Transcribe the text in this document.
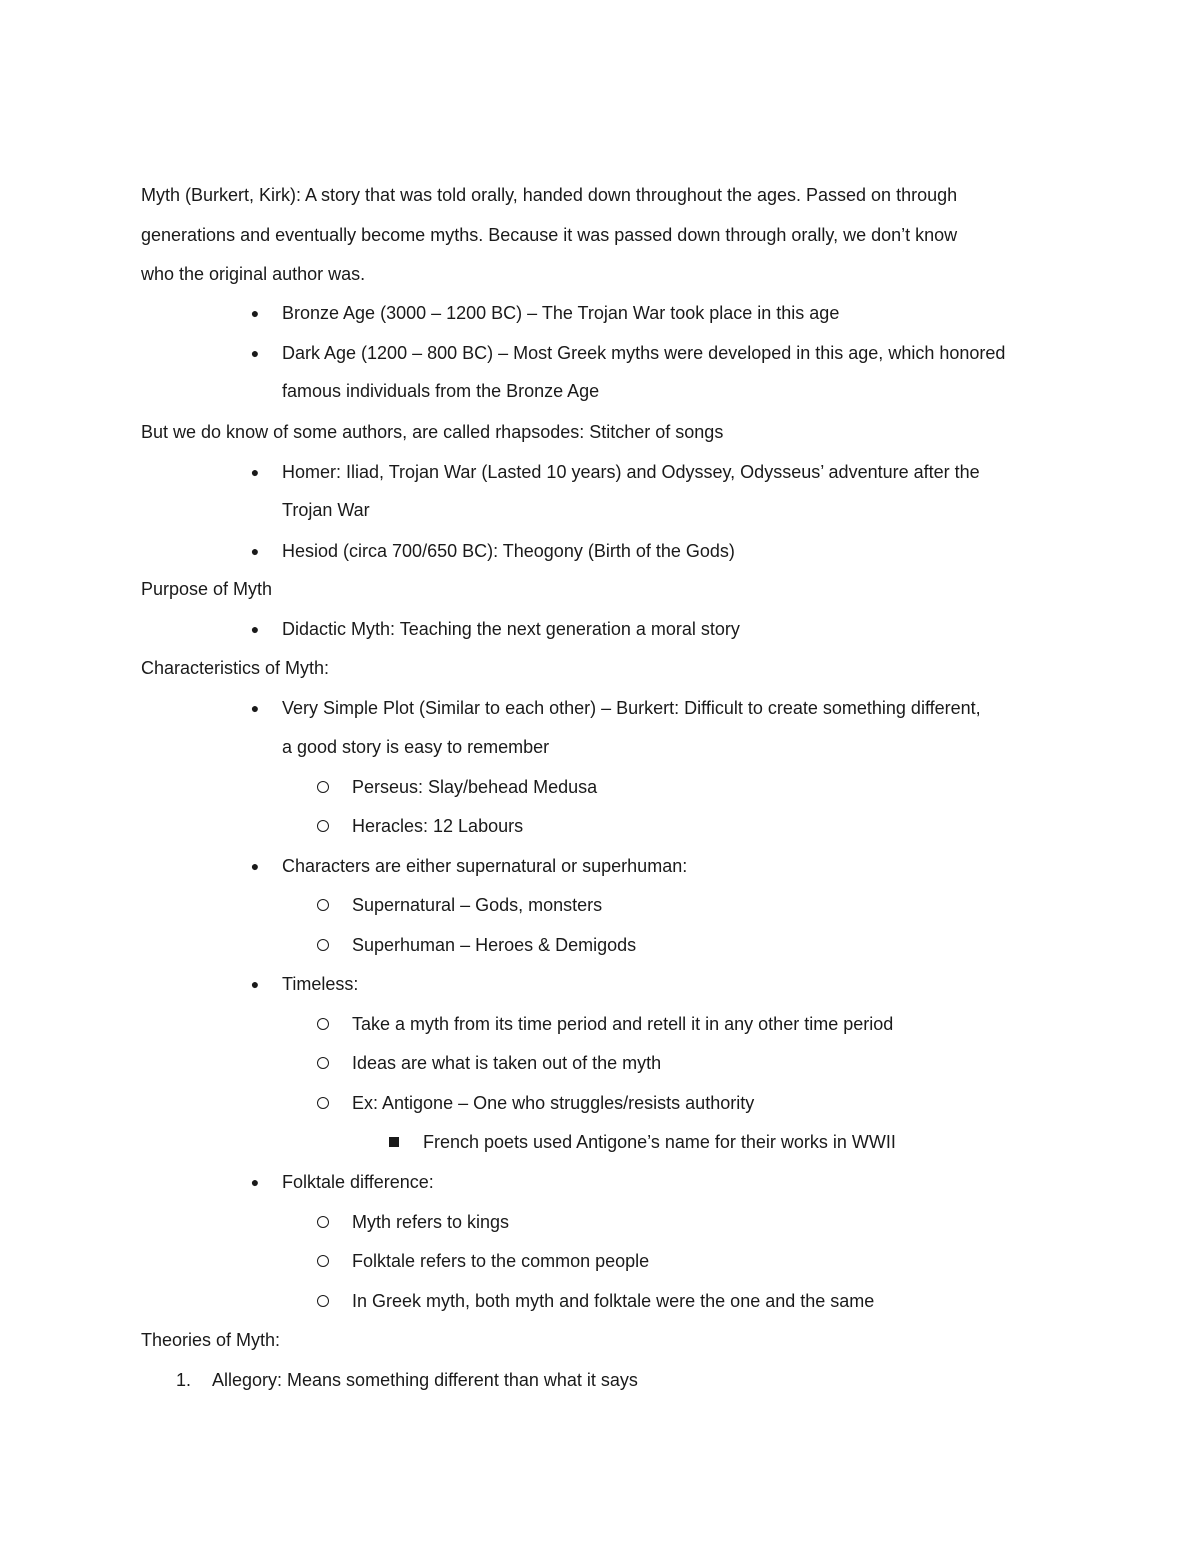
Myth (Burkert, Kirk): A story that was told orally, handed down throughout the ages. Passed on through
generations and eventually become myths. Because it was passed down through orally, we don’t know
who the original author was.
●	Bronze Age (3000 – 1200 BC) – The Trojan War took place in this age
●	Dark Age (1200 – 800 BC) – Most Greek myths were developed in this age, which honored
famous individuals from the Bronze Age
But we do know of some authors, are called rhapsodes: Stitcher of songs
●	Homer: Iliad, Trojan War (Lasted 10 years) and Odyssey, Odysseus’ adventure after the
Trojan War
●	Hesiod (circa 700/650 BC): Theogony (Birth of the Gods)
Purpose of Myth
●	Didactic Myth: Teaching the next generation a moral story
Characteristics of Myth:
●	Very Simple Plot (Similar to each other) – Burkert: Difficult to create something different,
a good story is easy to remember
Perseus: Slay/behead Medusa
Heracles: 12 Labours
●	Characters are either supernatural or superhuman:
Supernatural – Gods, monsters
Superhuman – Heroes & Demigods
●	Timeless:
Take a myth from its time period and retell it in any other time period
Ideas are what is taken out of the myth
Ex: Antigone – One who struggles/resists authority
French poets used Antigone’s name for their works in WWII
●	Folktale difference:
Myth refers to kings
Folktale refers to the common people
In Greek myth, both myth and folktale were the one and the same
Theories of Myth:
1. Allegory: Means something different than what it says
